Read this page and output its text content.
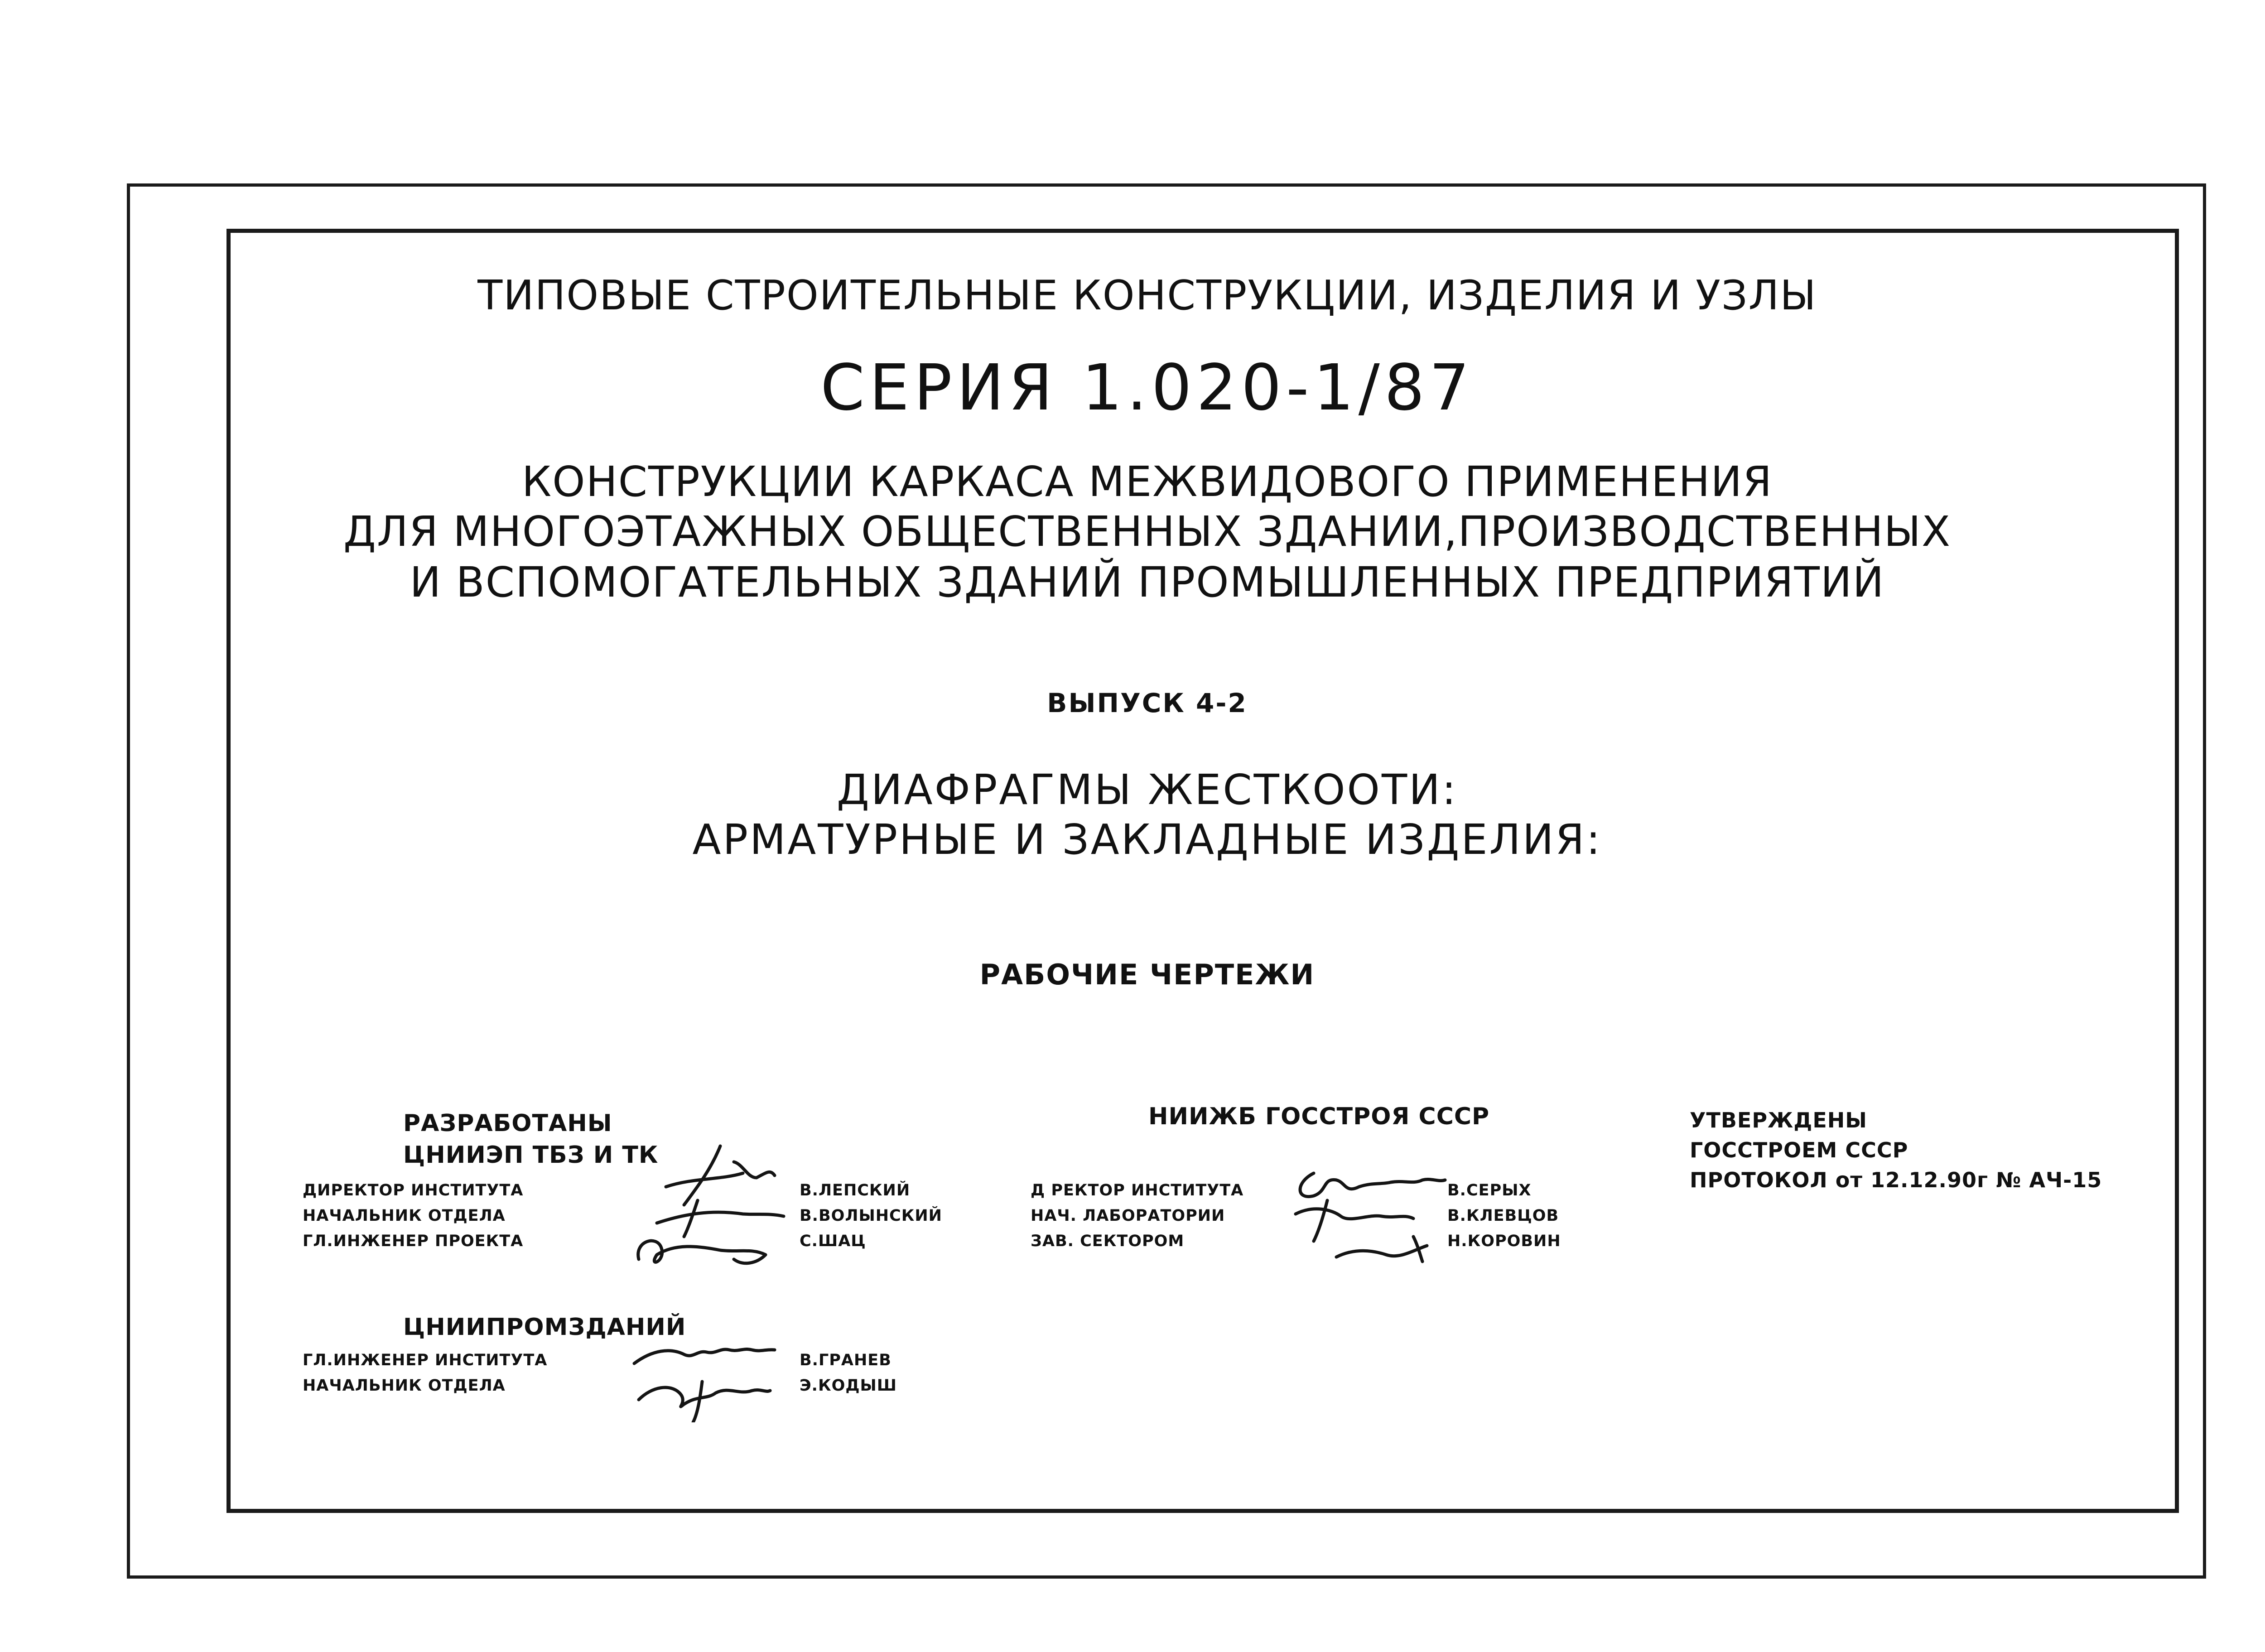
ТИПОВЫЕ СТРОИТЕЛЬНЫЕ КОНСТРУКЦИИ, ИЗДЕЛИЯ И УЗЛЫ
СЕРИЯ 1.020-1/87
КОНСТРУКЦИИ КАРКАСА МЕЖВИДОВОГО ПРИМЕНЕНИЯ
ДЛЯ МНОГОЭТАЖНЫХ ОБЩЕСТВЕННЫХ ЗДАНИИ,ПРОИЗВОДСТВЕННЫХ
И ВСПОМОГАТЕЛЬНЫХ ЗДАНИЙ ПРОМЫШЛЕННЫХ ПРЕДПРИЯТИЙ
ВЫПУСК 4-2
ДИАФРАГМЫ ЖЕСТКООТИ:
АРМАТУРНЫЕ И ЗАКЛАДНЫЕ ИЗДЕЛИЯ:
РАБОЧИЕ ЧЕРТЕЖИ
РАЗРАБОТАНЫ
ЦНИИЭП ТБЗ И ТК
ДИРЕКТОР ИНСТИТУТА
НАЧАЛЬНИК ОТДЕЛА
ГЛ.ИНЖЕНЕР ПРОЕКТА
В.ЛЕПСКИЙ
В.ВОЛЫНСКИЙ
С.ШАЦ
НИИЖБ ГОССТРОЯ СССР
Д РЕКТОР ИНСТИТУТА
НАЧ. ЛАБОРАТОРИИ
ЗАВ. СЕКТОРОМ
В.СЕРЫХ
В.КЛЕВЦОВ
Н.КОРОВИН
УТВЕРЖДЕНЫ
ГОССТРОЕМ СССР
ПРОТОКОЛ от 12.12.90г № АЧ-15
ЦНИИПРОМЗДАНИЙ
ГЛ.ИНЖЕНЕР ИНСТИТУТА
НАЧАЛЬНИК ОТДЕЛА
В.ГРАНЕВ
Э.КОДЫШ
